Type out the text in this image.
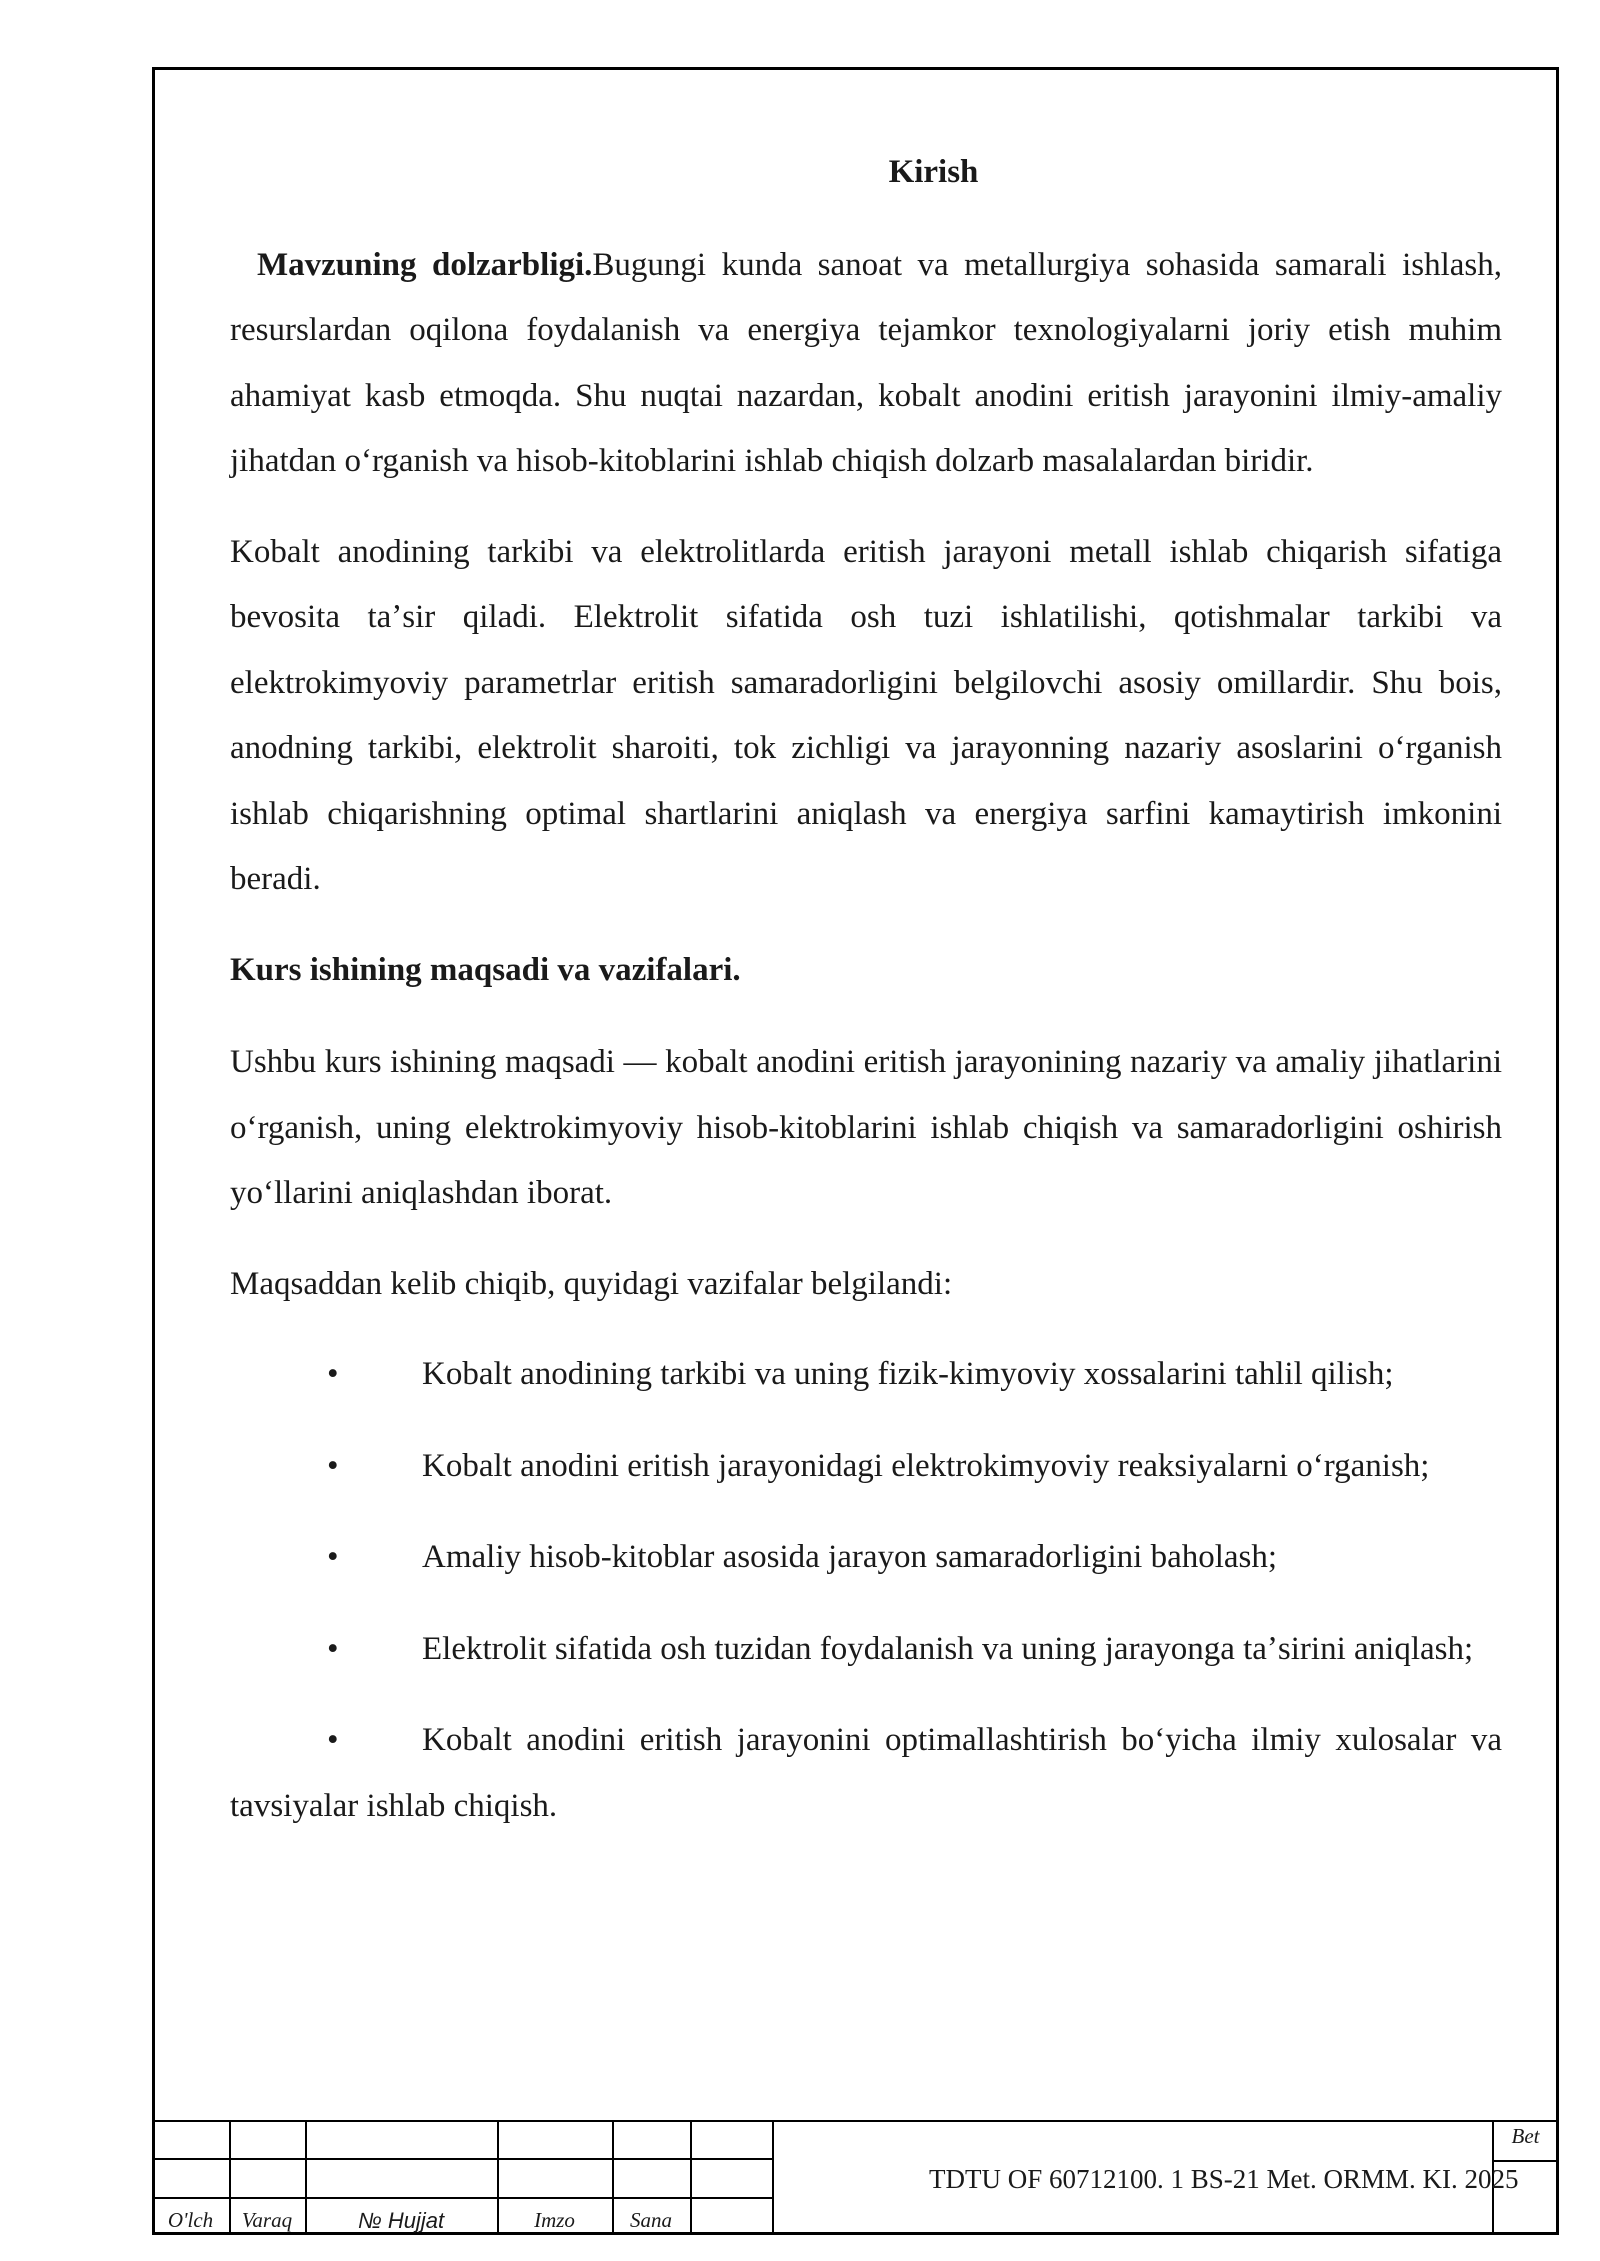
Kirish

Mavzuning dolzarbligi.Bugungi kunda sanoat va metallurgiya sohasida samarali ishlash, resurslardan oqilona foydalanish va energiya tejamkor texnologiyalarni joriy etish muhim ahamiyat kasb etmoqda. Shu nuqtai nazardan, kobalt anodini eritish jarayonini ilmiy-amaliy jihatdan oʻrganish va hisob-kitoblarini ishlab chiqish dolzarb masalalardan biridir.

Kobalt anodining tarkibi va elektrolitlarda eritish jarayoni metall ishlab chiqarish sifatiga bevosita taʼsir qiladi. Elektrolit sifatida osh tuzi ishlatilishi, qotishmalar tarkibi va elektrokimyoviy parametrlar eritish samaradorligini belgilovchi asosiy omillardir. Shu bois, anodning tarkibi, elektrolit sharoiti, tok zichligi va jarayonning nazariy asoslarini oʻrganish ishlab chiqarishning optimal shartlarini aniqlash va energiya sarfini kamaytirish imkonini beradi.

Kurs ishining maqsadi va vazifalari.

Ushbu kurs ishining maqsadi — kobalt anodini eritish jarayonining nazariy va amaliy jihatlarini oʻrganish, uning elektrokimyoviy hisob-kitoblarini ishlab chiqish va samaradorligini oshirish yoʻllarini aniqlashdan iborat.

Maqsaddan kelib chiqib, quyidagi vazifalar belgilandi:

•	Kobalt anodining tarkibi va uning fizik-kimyoviy xossalarini tahlil qilish;
•	Kobalt anodini eritish jarayonidagi elektrokimyoviy reaksiyalarni oʻrganish;
•	Amaliy hisob-kitoblar asosida jarayon samaradorligini baholash;
•	Elektrolit sifatida osh tuzidan foydalanish va uning jarayonga taʼsirini aniqlash;
•	Kobalt anodini eritish jarayonini optimallashtirish boʻyicha ilmiy xulosalar va tavsiyalar ishlab chiqish.
O'lch	Varaq	№ Hujjat	Imzo	Sana
TDTU OF 60712100. 1 BS-21 Met. ORMM. KI. 2025
Bet
